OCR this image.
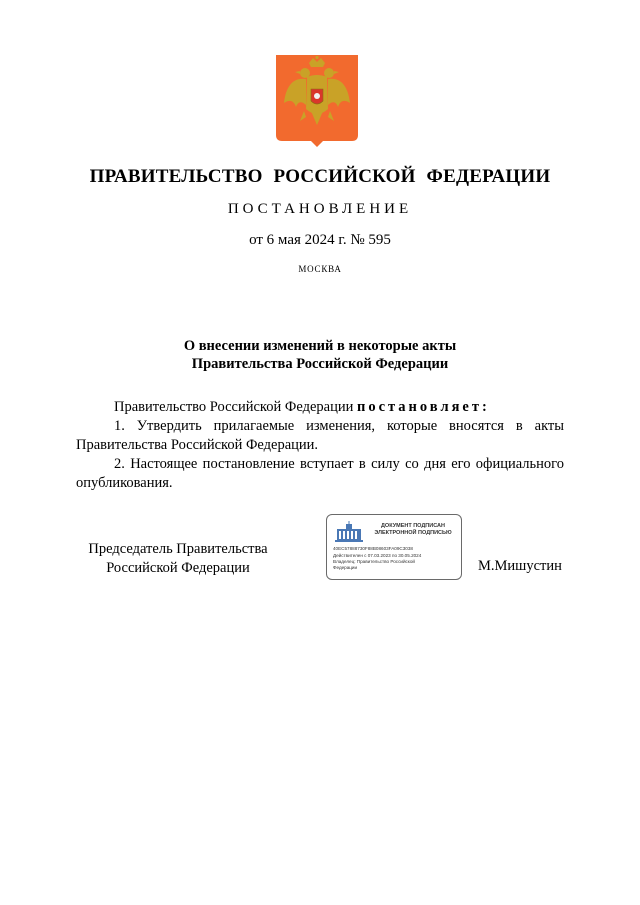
ПРАВИТЕЛЬСТВО РОССИЙСКОЙ ФЕДЕРАЦИИ
ПОСТАНОВЛЕНИЕ
от 6 мая 2024 г. № 595
МОСКВА
О внесении изменений в некоторые акты
Правительства Российской Федерации

Правительство Российской Федерации постановляет:

1. Утвердить прилагаемые изменения, которые вносятся в акты Правительства Российской Федерации.

2. Настоящее постановление вступает в силу со дня его официального опубликования.

Председатель Правительства
Российской Федерации
ДОКУМЕНТ ПОДПИСАН
ЭЛЕКТРОННОЙ ПОДПИСЬЮ
40EC57888730F88B08603FA09C3038
Действителен с 07.03.2023 по 30.05.2024
Владелец: Правительство Российской
Федерации	М.Мишустин
